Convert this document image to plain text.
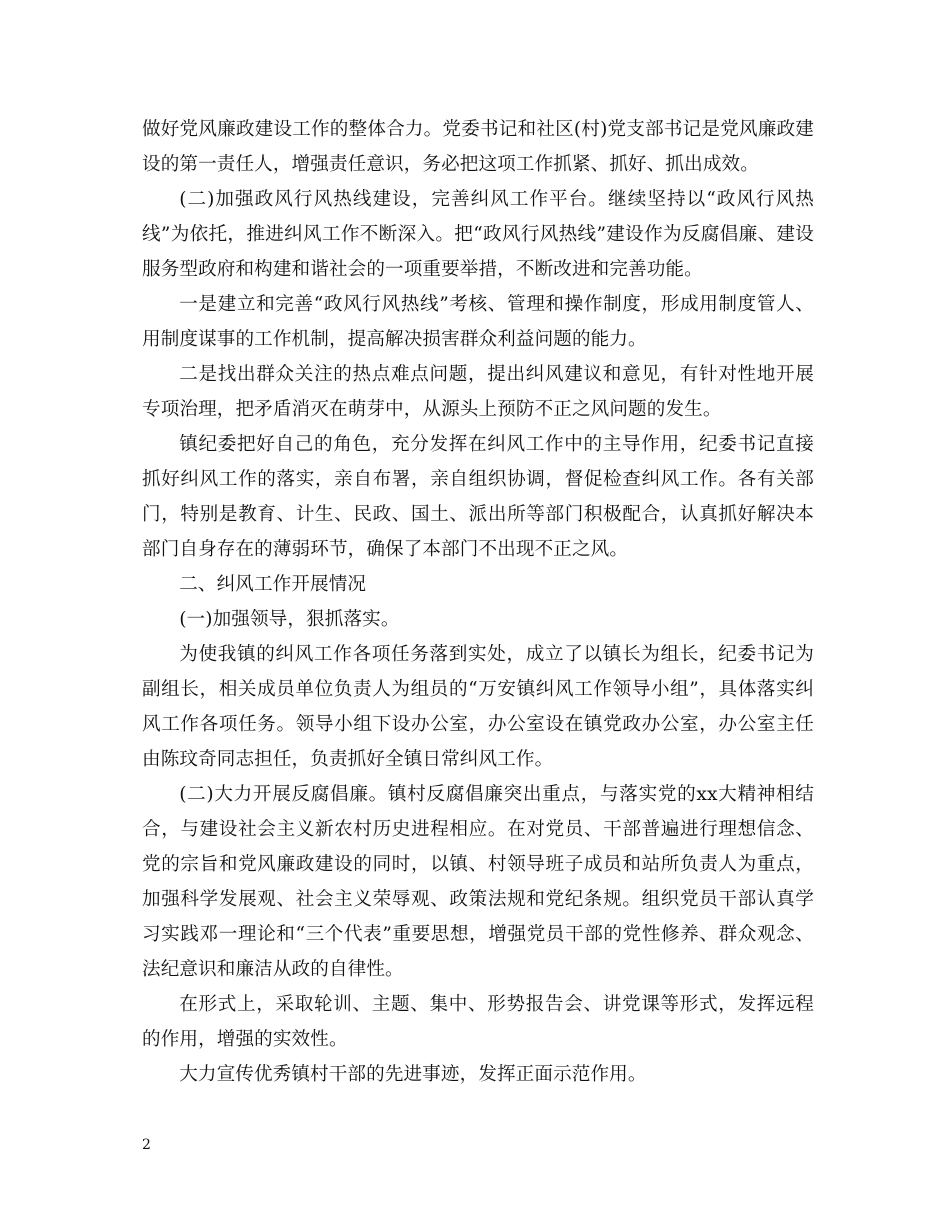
做好党风廉政建设工作的整体合力。党委书记和社区(村)党支部书记是党风廉政建设的第一责任人，增强责任意识，务必把这项工作抓紧、抓好、抓出成效。

(二)加强政风行风热线建设，完善纠风工作平台。继续坚持以“政风行风热线”为依托，推进纠风工作不断深入。把“政风行风热线”建设作为反腐倡廉、建设服务型政府和构建和谐社会的一项重要举措，不断改进和完善功能。

一是建立和完善“政风行风热线”考核、管理和操作制度，形成用制度管人、用制度谋事的工作机制，提高解决损害群众利益问题的能力。

二是找出群众关注的热点难点问题，提出纠风建议和意见，有针对性地开展专项治理，把矛盾消灭在萌芽中，从源头上预防不正之风问题的发生。

镇纪委把好自己的角色，充分发挥在纠风工作中的主导作用，纪委书记直接抓好纠风工作的落实，亲自布署，亲自组织协调，督促检查纠风工作。各有关部门，特别是教育、计生、民政、国土、派出所等部门积极配合，认真抓好解决本部门自身存在的薄弱环节，确保了本部门不出现不正之风。

二、纠风工作开展情况

(一)加强领导，狠抓落实。

为使我镇的纠风工作各项任务落到实处，成立了以镇长为组长，纪委书记为副组长，相关成员单位负责人为组员的“万安镇纠风工作领导小组”，具体落实纠风工作各项任务。领导小组下设办公室，办公室设在镇党政办公室，办公室主任由陈玟奇同志担任，负责抓好全镇日常纠风工作。

(二)大力开展反腐倡廉。镇村反腐倡廉突出重点，与落实党的xx大精神相结合，与建设社会主义新农村历史进程相应。在对党员、干部普遍进行理想信念、党的宗旨和党风廉政建设的同时，以镇、村领导班子成员和站所负责人为重点，加强科学发展观、社会主义荣辱观、政策法规和党纪条规。组织党员干部认真学习实践邓一理论和“三个代表”重要思想，增强党员干部的党性修养、群众观念、法纪意识和廉洁从政的自律性。

在形式上，采取轮训、主题、集中、形势报告会、讲党课等形式，发挥远程的作用，增强的实效性。

大力宣传优秀镇村干部的先进事迹，发挥正面示范作用。

2
